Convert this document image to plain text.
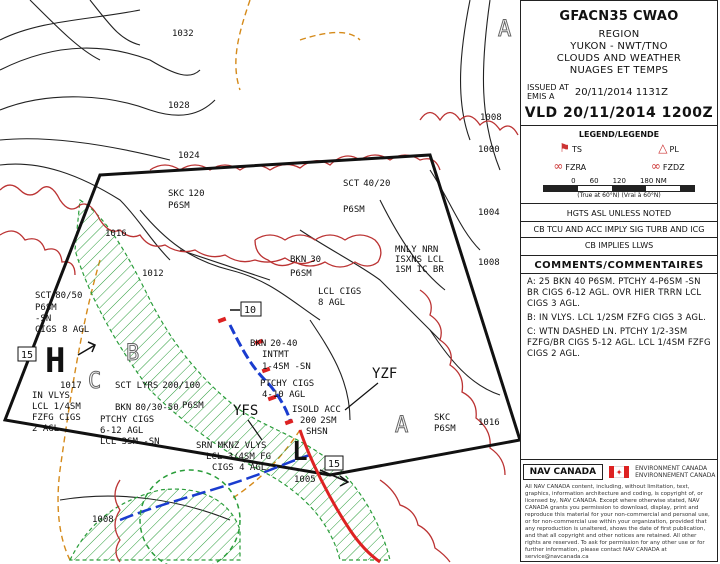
1032
1028
1024
1016
1012
1008
1004
1000
1008
1016
1008
SKC 120
P6SM
SCT 40/20
P6SM
BKN 30
P6SM
MNLY NRN
ISXNS LCL
1SM IC BR
LCL CIGS
8 AGL
SCT 80/50
P6SM
-SN
CIGS 8 AGL
IN VLYS
LCL 1/4SM
FZFG CIGS
2 AGL
SCT LYRS 200/100
BKN 80/30-50
PTCHY CIGS
6-12 AGL
LCL 3SM -SN
P6SM
BKN 20-40
INTMT
1-4SM -SN
PTCHY CIGS
4-10 AGL
ISOLD ACC
200 2SM
SHSN
SKC
P6SM
SRN MKNZ VLYS
LCL 3/4SM FG
CIGS 4 AGL
YZF
YFS
H
1017
L
1005
15
10
15
A
B
C
A
GFACN35 CWAO
REGION
YUKON - NWT/TNO
CLOUDS AND WEATHER
NUAGES ET TEMPS
ISSUED AT
EMIS A 20/11/2014 1131Z
VLD 20/11/2014 1200Z
LEGEND/LEGENDE
⚑ TS	△ PL
∞ FZRA	∞ FZDZ
0 60 120 180 NM
(True at 60°N) (Vrai à 60°N)
HGTS ASL UNLESS NOTED
CB TCU AND ACC IMPLY SIG TURB AND ICG
CB IMPLIES LLWS
COMMENTS/COMMENTAIRES
A: 25 BKN 40 P6SM. PTCHY 4-P6SM -SN BR CIGS 6-12 AGL. OVR HIER TRRN LCL CIGS 3 AGL.
B: IN VLYS. LCL 1/2SM FZFG CIGS 3 AGL.
C: WTN DASHED LN. PTCHY 1/2-3SM FZFG/BR CIGS 5-12 AGL. LCL 1/4SM FZFG CIGS 2 AGL.
NAV CANADA	✦ ENVIRONMENT CANADA
ENVIRONNEMENT CANADA
All NAV CANADA content, including, without limitation, text, graphics, information architecture and coding, is copyright of, or licensed by, NAV CANADA. Except where otherwise stated, NAV CANADA grants you permission to download, display, print and reproduce this material for your non-commercial and personal use, or for non-commercial use within your organization, provided that any reproduction is unaltered, shows the date of first publication, and that all copyright and other notices are retained. All other rights are reserved. To ask for permission for any other use or for further information, please contact NAV CANADA at service@navcanada.ca
